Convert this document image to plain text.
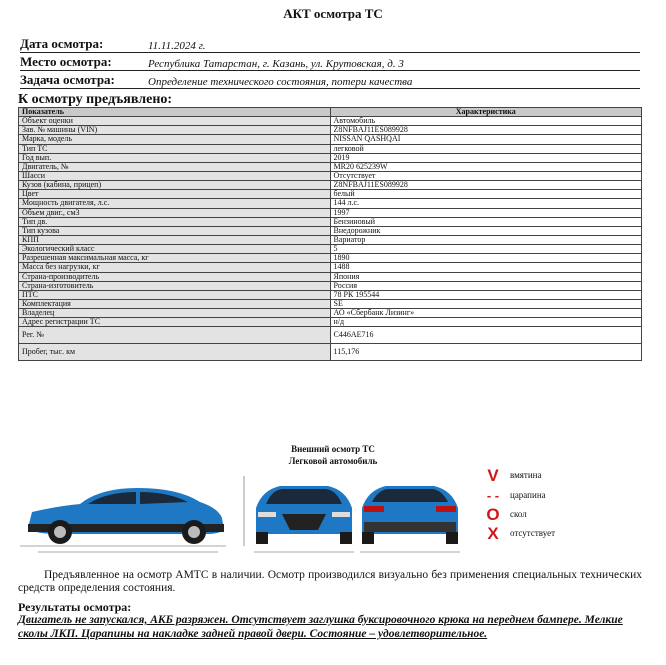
АКТ осмотра ТС
Дата осмотра:	11.11.2024 г.
Место осмотра:	Республика Татарстан, г. Казань, ул. Крутовская, д. 3
Задача осмотра:	Определение технического состояния, потери качества
К осмотру предъявлено:
Показатель	Характеристика
Объект оценки	Автомобиль
Зав. № машины (VIN)	Z8NFBAJ11ES089928
Марка, модель	NISSAN QASHQAI
Тип ТС	легковой
Год вып.	2019
Двигатель, №	MR20 625239W
Шасси	Отсутствует
Кузов (кабина, прицеп)	Z8NFBAJ11ES089928
Цвет	белый
Мощность двигателя, л.с.	144 л.с.
Объем двиг., см3	1997
Тип дв.	Бензиновый
Тип кузова	Внедорожник
КПП	Вариатор
Экологический класс	5
Разрешенная максимальная масса, кг	1890
Масса без нагрузки, кг	1488
Страна-производитель	Япония
Страна-изготовитель	Россия
ПТС	78 РК 195544
Комплектация	SE
Владелец	АО «Сбербанк Лизинг»
Адрес регистрации ТС	н/д
Рег. №	С446АЕ716
Пробег, тыс. км	115,176
Внешний осмотр ТС
Легковой автомобиль
V	вмятина
- -	царапина
O	скол
X	отсутствует
Предъявленное на осмотр АМТС в наличии. Осмотр производился визуально без применения специальных технических средств определения состояния.
Результаты осмотра:
Двигатель не запускался, АКБ разряжен. Отсутствует заглушка буксировочного крюка на переднем бампере. Мелкие сколы ЛКП. Царапины на накладке задней правой двери. Состояние – удовлетворительное.
